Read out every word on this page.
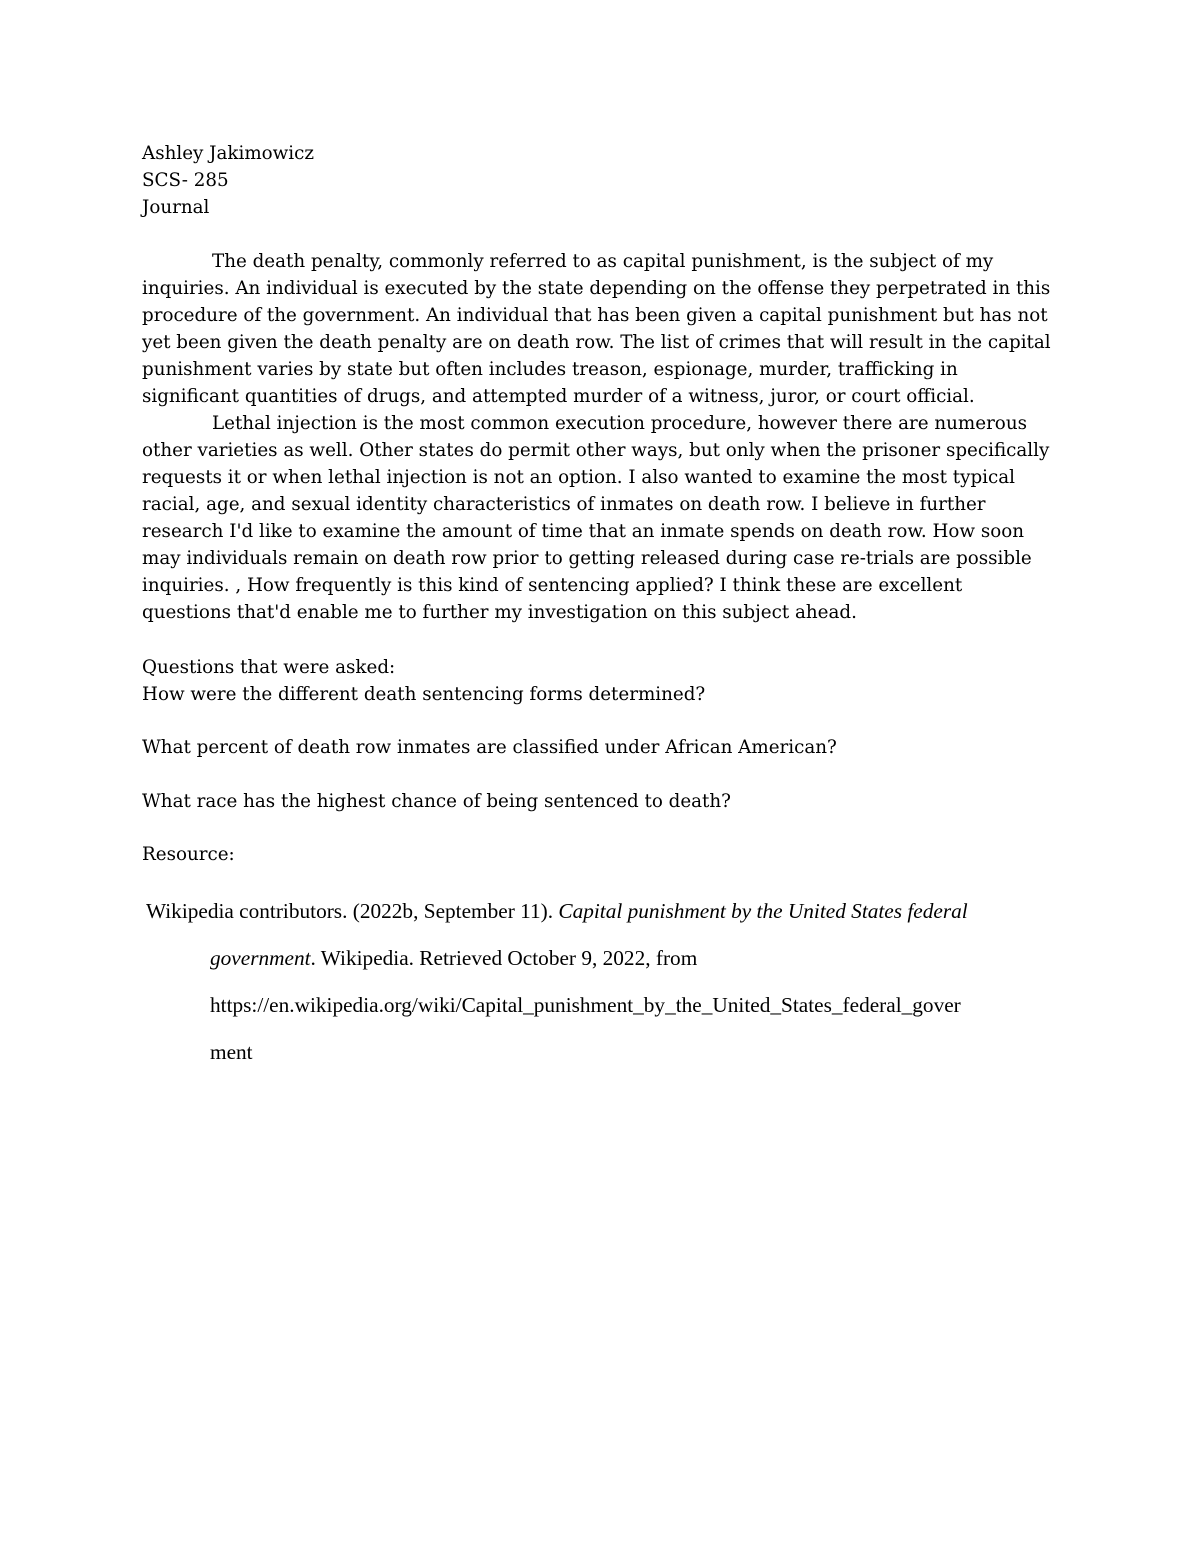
Ashley Jakimowicz
SCS- 285
Journal
The death penalty, commonly referred to as capital punishment, is the subject of my
inquiries. An individual is executed by the state depending on the offense they perpetrated in this
procedure of the government. An individual that has been given a capital punishment but has not
yet been given the death penalty are on death row. The list of crimes that will result in the capital
punishment varies by state but often includes treason, espionage, murder, trafficking in
significant quantities of drugs, and attempted murder of a witness, juror, or court official.
Lethal injection is the most common execution procedure, however there are numerous
other varieties as well. Other states do permit other ways, but only when the prisoner specifically
requests it or when lethal injection is not an option. I also wanted to examine the most typical
racial, age, and sexual identity characteristics of inmates on death row. I believe in further
research I'd like to examine the amount of time that an inmate spends on death row. How soon
may individuals remain on death row prior to getting released during case re-trials are possible
inquiries. , How frequently is this kind of sentencing applied? I think these are excellent
questions that'd enable me to further my investigation on this subject ahead.
Questions that were asked:
How were the different death sentencing forms determined?
What percent of death row inmates are classified under African American?
What race has the highest chance of being sentenced to death?
Resource:
Wikipedia contributors. (2022b, September 11). Capital punishment by the United States federal
government. Wikipedia. Retrieved October 9, 2022, from
https://en.wikipedia.org/wiki/Capital_punishment_by_the_United_States_federal_gover
ment
